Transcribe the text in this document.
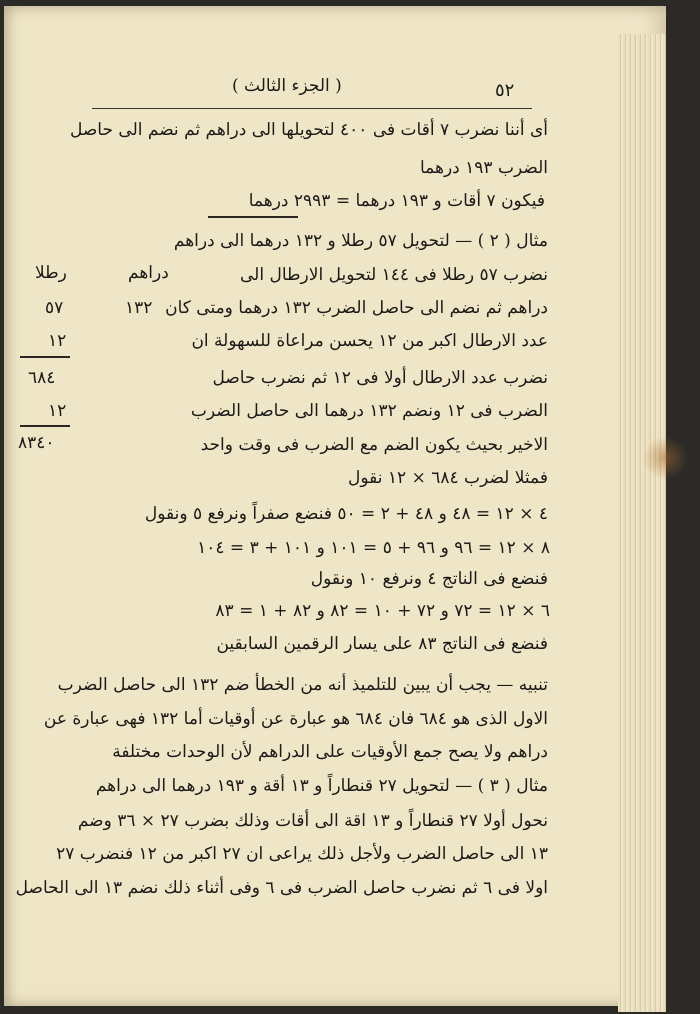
٥٢
( الجزء الثالث )
أى أننا نضرب ٧ أقات فى ٤٠٠ لتحويلها الى دراهم ثم نضم الى حاصل
الضرب ١٩٣ درهما
فيكون ٧ أقات و ١٩٣ درهما = ٢٩٩٣ درهما
مثال ( ٢ ) — لتحويل ٥٧ رطلا و ١٣٢ درهما الى دراهم
نضرب ٥٧ رطلا فى ١٤٤ لتحويل الارطال الى
دراهم ثم نضم الى حاصل الضرب ١٣٢ درهما ومتى كان
عدد الارطال اكبر من ١٢ يحسن مراعاة للسهولة ان
نضرب عدد الارطال أولا فى ١٢ ثم نضرب حاصل
الضرب فى ١٢ ونضم ١٣٢ درهما الى حاصل الضرب
الاخير بحيث يكون الضم مع الضرب فى وقت واحد
فمثلا لضرب ٦٨٤ × ١٢ نقول
رطلا	دراهم
٥٧	١٣٢
١٢
٦٨٤
١٢
٨٣٤٠
٤ × ١٢ = ٤٨ و ٤٨ + ٢ = ٥٠ فنضع صفراً ونرفع ٥ ونقول
٨ × ١٢ = ٩٦ و ٩٦ + ٥ = ١٠١ و ١٠١ + ٣ = ١٠٤
فنضع فى الناتج ٤ ونرفع ١٠ ونقول
٦ × ١٢ = ٧٢ و ٧٢ + ١٠ = ٨٢ و ٨٢ + ١ = ٨٣
فنضع فى الناتج ٨٣ على يسار الرقمين السابقين
تنبيه — يجب أن يبين للتلميذ أنه من الخطأ ضم ١٣٢ الى حاصل الضرب
الاول الذى هو ٦٨٤ فان ٦٨٤ هو عبارة عن أوقيات أما ١٣٢ فهى عبارة عن
دراهم ولا يصح جمع الأوقيات على الدراهم لأن الوحدات مختلفة
مثال ( ٣ ) — لتحويل ٢٧ قنطاراً و ١٣ أقة و ١٩٣ درهما الى دراهم
نحول أولا ٢٧ قنطاراً و ١٣ اقة الى أقات وذلك بضرب ٢٧ × ٣٦ وضم
١٣ الى حاصل الضرب ولأجل ذلك يراعى ان ٢٧ اكبر من ١٢ فنضرب ٢٧
اولا فى ٦ ثم نضرب حاصل الضرب فى ٦ وفى أثناء ذلك نضم ١٣ الى الحاصل
